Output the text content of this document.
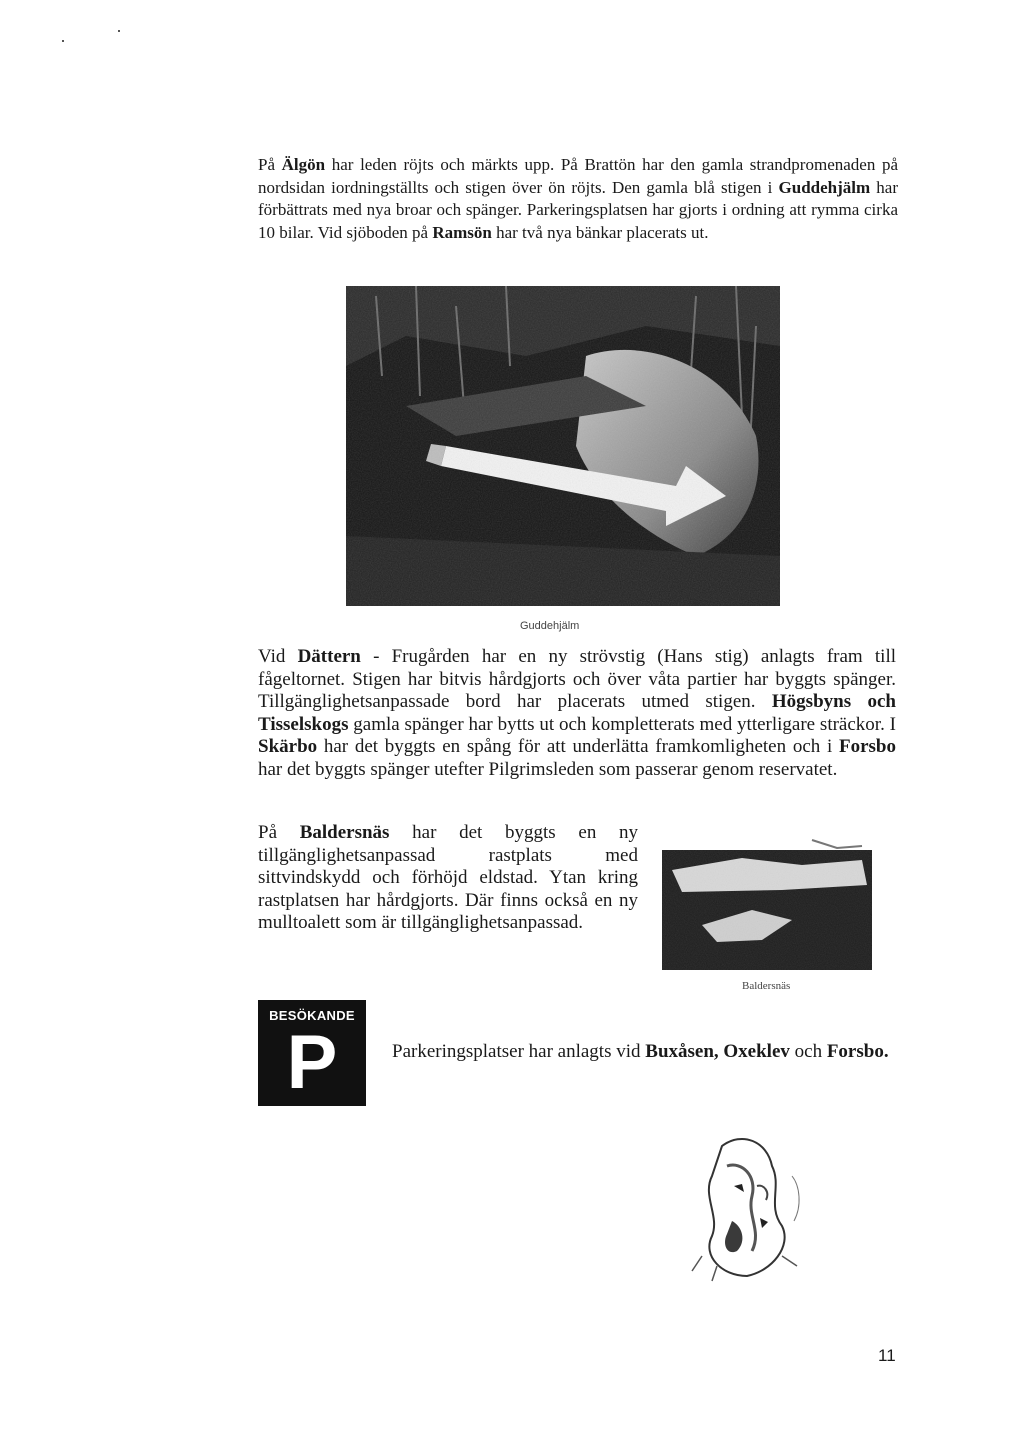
På Älgön har leden röjts och märkts upp. På Brattön har den gamla strandpromenaden på nordsidan iordningställts och stigen över ön röjts. Den gamla blå stigen i Guddehjälm har förbättrats med nya broar och spänger. Parkeringsplatsen har gjorts i ordning att rymma cirka 10 bilar. Vid sjöboden på Ramsön har två nya bänkar placerats ut.

Guddehjälm

Vid Dättern - Frugården har en ny strövstig (Hans stig) anlagts fram till fågeltornet. Stigen har bitvis hårdgjorts och över våta partier har byggts spänger. Tillgänglighetsanpassade bord har placerats utmed stigen. Högsbyns och Tisselskogs gamla spänger har bytts ut och kompletterats med ytterligare sträckor. I Skärbo har det byggts en spång för att underlätta framkomligheten och i Forsbo har det byggts spänger utefter Pilgrimsleden som passerar genom reservatet.

På Baldersnäs har det byggts en ny tillgänglighetsanpassad rastplats med sittvindskydd och förhöjd eldstad. Ytan kring rastplatsen har hårdgjorts. Där finns också en ny mulltoalett som är tillgänglighetsanpassad.

Baldersnäs

BESÖKANDE
P	Parkeringsplatser har anlagts vid Buxåsen, Oxeklev och Forsbo.

11
